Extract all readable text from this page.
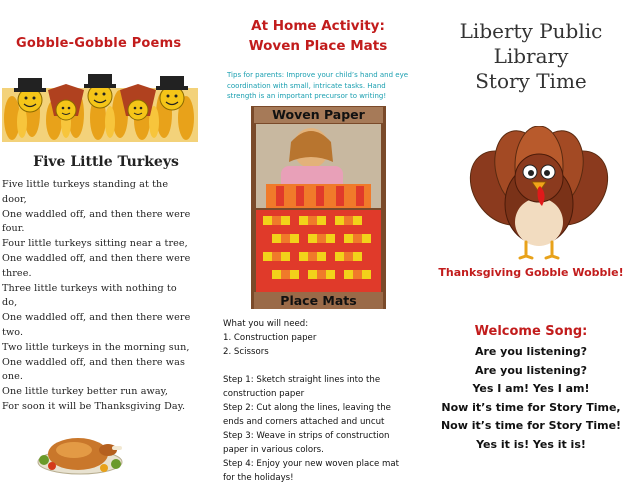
Gobble-Gobble Poems
Five Little Turkeys
Five little turkeys standing at the
door,
One waddled off, and then there were
four.
Four little turkeys sitting near a tree,
One waddled off, and then there were
three.
Three little turkeys with nothing to
do,
One waddled off, and then there were
two.
Two little turkeys in the morning sun,
One waddled off, and then there was
one.
One little turkey better run away,
For soon it will be Thanksgiving Day.
At Home Activity:
Woven Place Mats
Tips for parents: Improve your child’s hand and eye coordination with small, intricate tasks. Hand strength is an important precursor to writing!
Woven Paper
Place Mats
What you will need:
1. Construction paper
2. Scissors
Step 1: Sketch straight lines into the
construction paper
Step 2: Cut along the lines, leaving the
ends and corners attached and uncut
Step 3: Weave in strips of construction
paper in various colors.
Step 4: Enjoy your new woven place mat
for the holidays!
Liberty Public
Library
Story Time
Thanksgiving Gobble Wobble!
Welcome Song:
Are you listening?
Are you listening?
Yes I am! Yes I am!
Now it’s time for Story Time,
Now it’s time for Story Time!
Yes it is! Yes it is!
